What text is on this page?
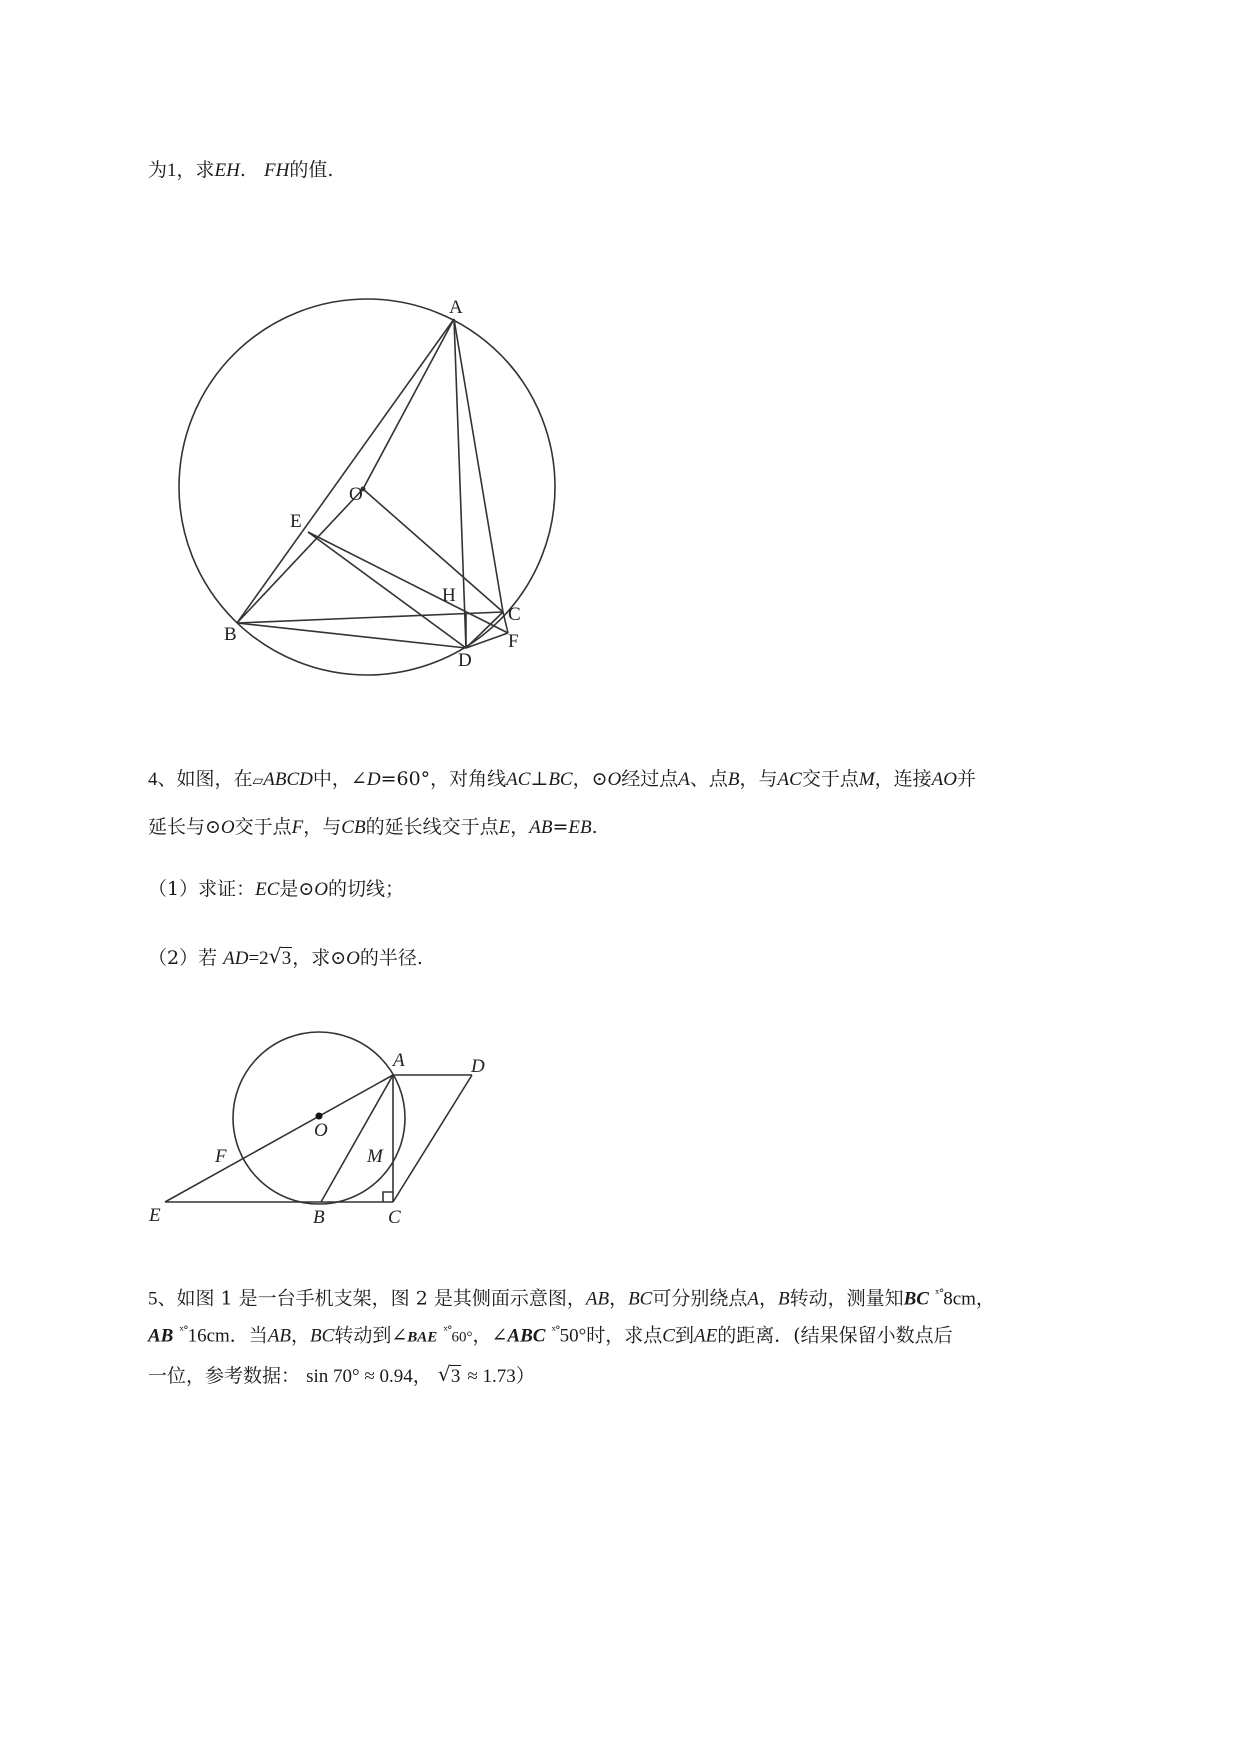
为1，求EH. FH的值.
A
O
E
H
C
F
B
D
4、如图，在▱ABCD中，∠D=60°，对角线AC⊥BC，⊙O经过点A、点B，与AC交于点M，连接AO并
延长与⊙O交于点F，与CB的延长线交于点E，AB=EB.
（1）求证：EC是⊙O的切线；
（2）若 AD=2 √ 3，求⊙O的半径.
A	D
O
F	M
E	B	C
5、如图 1 是一台手机支架，图 2 是其侧面示意图，AB，BC可分别绕点A，B转动，测量知BC $^{ˣ^\circ}$8cm，
AB $^{ˣ^\circ}$16cm．当AB，BC转动到∠BAE $^{ˣ^\circ}$60°，∠ABC $^{ˣ^\circ}$50°时，求点C到AE的距离．(结果保留小数点后
一位，参考数据： sin 70° ≈ 0.94， √ 3 ≈ 1.73）
